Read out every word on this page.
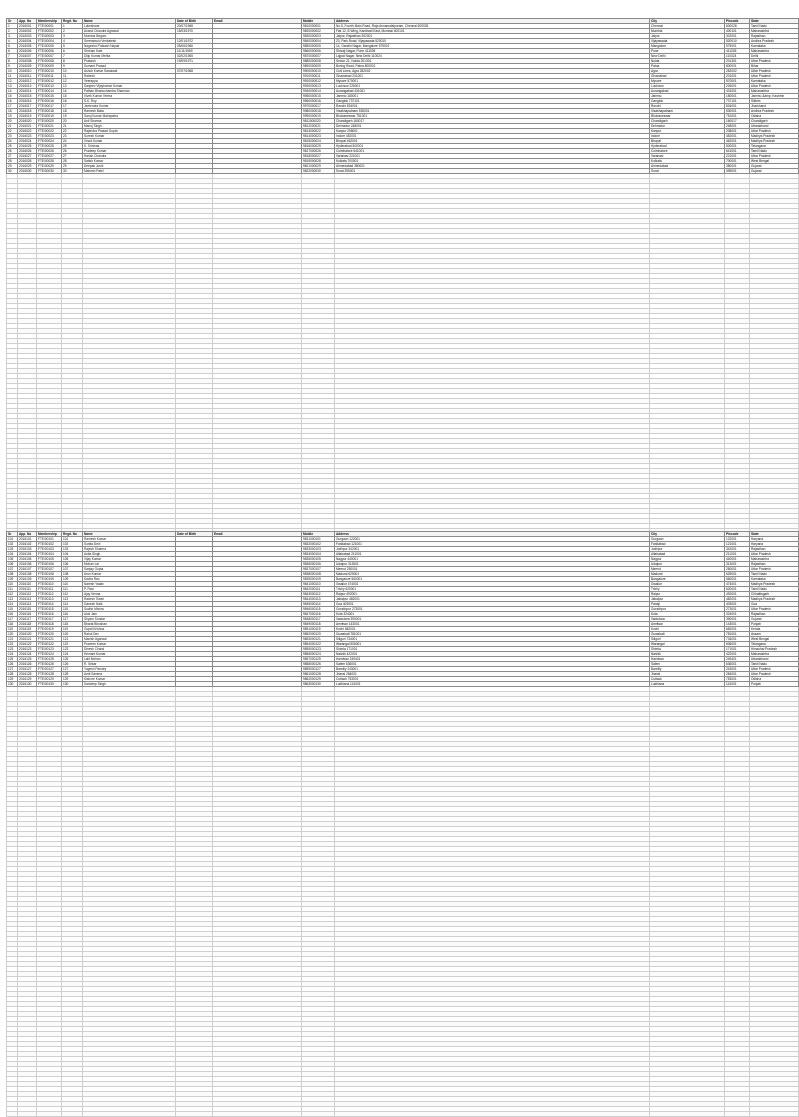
Sr	App. No	Membership	Regd. No	Name	Date of Birth	Email	Mobile	Address	City	Pincode	State
1	2016001	FTE/00001	1	Lokeshwar	20/07/1968		9810000001	No.5, Fourth Main Road, Raja Annamalaipuram, Chennai 600028	Chennai	600028	Tamil Nadu
2	2016002	FTE/00002	2	Anand Chandra Agrawal	15/03/1970		9820000002	Flat 12, B Wing, Kandivali East, Mumbai 400101	Mumbai	400101	Maharashtra
3	2016003	FTE/00003	3	Mumtaz Begum			9830000003	Jaipur, Rajasthan 302001	Jaipur	302001	Rajasthan
4	2016004	FTE/00004	4	Sreeramulu Venkatesh	12/01/1972		9840000004	23, Park Road, Vijayawada 520010	Vijayawada	520010	Andhra Pradesh
5	2016005	FTE/00005	5	Nagesha Prakash Nayak	05/06/1966		9850000005	14, Gandhi Nagar, Mangalore 575001	Mangalore	575001	Karnataka
6	2016006	FTE/00006	6	Shriram Kale	11/11/1969		9860000006	Shivaji Nagar, Pune 411005	Pune	411005	Maharashtra
7	2016007	FTE/00007	7	Dilip Kumar Mehta	02/02/1965		9870000007	Lajpat Nagar, New Delhi 110024	New Delhi	110024	Delhi
8	2016008	FTE/00008	8	Prakash	19/09/1971		9880000008	Sector 21, Noida 201301	Noida	201301	Uttar Pradesh
9	2016009	FTE/00009	9	Sumant Prasad			9890000009	Boring Road, Patna 800001	Patna	800001	Bihar
10	2016010	FTE/00010	10	Ashok Kumar Saraswat	07/07/1968		9900000010	Civil Lines, Agra 282002	Agra	282002	Uttar Pradesh
11	2016011	FTE/00011	11	Rakesh			9910000011	Ghaziabad 201001	Ghaziabad	201001	Uttar Pradesh
12	2016012	FTE/00012	12	Veerappa			9920000012	Mysore 570001	Mysore	570001	Karnataka
13	2016013	FTE/00013	13	Sanjeev Vijaykumar Kumar			9930000013	Lucknow 226001	Lucknow	226001	Uttar Pradesh
14	2016014	FTE/00014	14	Pathan Bhanuchandra Shamrao			9940000014	Aurangabad 431001	Aurangabad	431001	Maharashtra
15	2016015	FTE/00015	15	Vivek Kumar Verma			9950000015	Jammu 180001	Jammu	180001	Jammu &amp; Kashmir
16	2016016	FTE/00016	16	S.K. Roy			9960000016	Gangtok 737101	Gangtok	737101	Sikkim
17	2016017	FTE/00017	17	Jeetendra Kumar			9970000017	Ranchi 834001	Ranchi	834001	Jharkhand
18	2016018	FTE/00018	18	Ramesh Babu			9980000018	Visakhapatnam 530001	Visakhapatnam	530001	Andhra Pradesh
19	2016019	FTE/00019	19	Saroj Kumar Mahapatra			9990000019	Bhubaneswar 751001	Bhubaneswar	751001	Odisha
20	2016020	FTE/00020	20	Anil Sharma			9811000020	Chandigarh 160017	Chandigarh	160017	Chandigarh
21	2016021	FTE/00021	21	Manoj Singh			9812000021	Dehradun 248001	Dehradun	248001	Uttarakhand
22	2016022	FTE/00022	22	Rajendra Prasad Gupta			9813000022	Kanpur 208001	Kanpur	208001	Uttar Pradesh
23	2016023	FTE/00023	23	Suresh Kumar			9814000023	Indore 452001	Indore	452001	Madhya Pradesh
24	2016024	FTE/00024	24	Vinod Kumar			9815000024	Bhopal 462001	Bhopal	462001	Madhya Pradesh
25	2016025	FTE/00025	25	K. Srinivas			9816000025	Hyderabad 500001	Hyderabad	500001	Telangana
26	2016026	FTE/00026	26	Pradeep Kumar			9817000026	Coimbatore 641001	Coimbatore	641001	Tamil Nadu
27	2016027	FTE/00027	27	Harish Chandra			9818000027	Varanasi 221001	Varanasi	221001	Uttar Pradesh
28	2016028	FTE/00028	28	Satish Kumar			9819000028	Kolkata 700001	Kolkata	700001	West Bengal
29	2016029	FTE/00029	29	Deepak Joshi			9821000029	Ahmedabad 380001	Ahmedabad	380001	Gujarat
30	2016030	FTE/00030	30	Mahesh Patel			9822000030	Surat 395001	Surat	395001	Gujarat

Sr	App. No	Membership	Regd. No	Name	Date of Birth	Email	Mobile	Address	City	Pincode	State
101	2016101	FTE/00101	101	Ramesh Kumar			9831000101	Gurgaon 122001	Gurgaon	122001	Haryana
102	2016102	FTE/00102	102	Sunita Devi			9832000102	Faridabad 121001	Faridabad	121001	Haryana
103	2016103	FTE/00103	103	Rajesh Sharma			9833000103	Jodhpur 342001	Jodhpur	342001	Rajasthan
104	2016104	FTE/00104	104	Anita Singh			9834000104	Allahabad 211001	Allahabad	211001	Uttar Pradesh
105	2016105	FTE/00105	105	Vijay Kumar			9835000105	Nagpur 440001	Nagpur	440001	Maharashtra
106	2016106	FTE/00106	106	Mohan Lal			9836000106	Udaipur 313001	Udaipur	313001	Rajasthan
107	2016107	FTE/00107	107	Sanjay Gupta			9837000107	Meerut 250001	Meerut	250001	Uttar Pradesh
108	2016108	FTE/00108	108	Arun Kumar			9838000108	Madurai 625001	Madurai	625001	Tamil Nadu
109	2016109	FTE/00109	109	Kavita Rao			9839000109	Bangalore 560001	Bangalore	560001	Karnataka
110	2016110	FTE/00110	110	Naresh Yadav			9841000110	Gwalior 474001	Gwalior	474001	Madhya Pradesh
111	2016111	FTE/00111	111	P. Ravi			9842000111	Trichy 620001	Trichy	620001	Tamil Nadu
112	2016112	FTE/00112	112	Ajay Verma			9843000112	Raipur 492001	Raipur	492001	Chhattisgarh
113	2016113	FTE/00113	113	Rakesh Tiwari			9844000113	Jabalpur 482001	Jabalpur	482001	Madhya Pradesh
114	2016114	FTE/00114	114	Ganesh Naik			9845000114	Goa 403001	Panaji	403001	Goa
115	2016115	FTE/00115	115	Sudhir Mishra			9846000115	Gorakhpur 273001	Gorakhpur	273001	Uttar Pradesh
116	2016116	FTE/00116	116	Alok Jain			9847000116	Kota 324001	Kota	324001	Rajasthan
117	2016117	FTE/00117	117	Shyam Sundar			9848000117	Vadodara 390001	Vadodara	390001	Gujarat
118	2016118	FTE/00118	118	Bharat Bhushan			9849000118	Amritsar 143001	Amritsar	143001	Punjab
119	2016119	FTE/00119	119	Gopal Krishna			9851000119	Kochi 682001	Kochi	682001	Kerala
120	2016120	FTE/00120	120	Rahul Dev			9852000120	Guwahati 781001	Guwahati	781001	Assam
121	2016121	FTE/00121	121	Manish Agarwal			9853000121	Siliguri 734001	Siliguri	734001	West Bengal
122	2016122	FTE/00122	122	Praveen Kumar			9854000122	Warangal 506001	Warangal	506001	Telangana
123	2016123	FTE/00123	123	Dinesh Chand			9855000123	Shimla 171001	Shimla	171001	Himachal Pradesh
124	2016124	FTE/00124	124	Hemant Kumar			9856000124	Nashik 422001	Nashik	422001	Maharashtra
125	2016125	FTE/00125	125	Lalit Mohan			9857000125	Haridwar 249401	Haridwar	249401	Uttarakhand
126	2016126	FTE/00126	126	R. Sekar			9858000126	Salem 636001	Salem	636001	Tamil Nadu
127	2016127	FTE/00127	127	Yogesh Pandey			9859000127	Bareilly 243001	Bareilly	243001	Uttar Pradesh
128	2016128	FTE/00128	128	Amit Saxena			9861000128	Jhansi 284001	Jhansi	284001	Uttar Pradesh
129	2016129	FTE/00129	129	Kishore Kumar			9862000129	Cuttack 753001	Cuttack	753001	Odisha
130	2016130	FTE/00130	130	Sandeep Singh			9863000130	Ludhiana 141001	Ludhiana	141001	Punjab
